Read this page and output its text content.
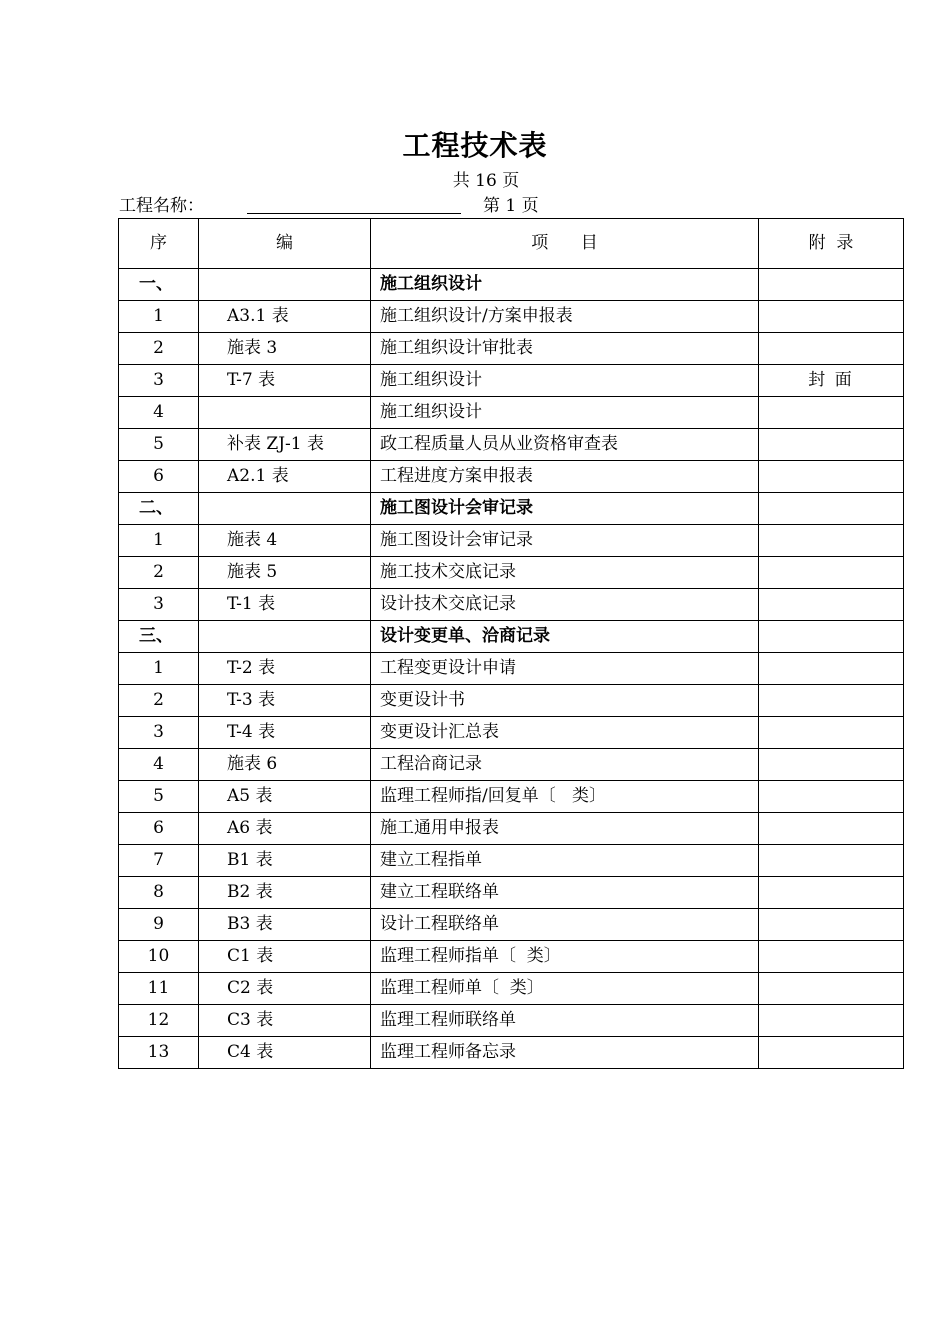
工程技术表
共 16 页
工程名称：	第 1 页
序	编	项      目	附  录
一、		施工组织设计	
1	A3.1 表	施工组织设计/方案申报表	
2	施表 3	施工组织设计审批表	
3	T-7 表	施工组织设计	封 面
4		施工组织设计	
5	补表 ZJ-1 表	政工程质量人员从业资格审查表	
6	A2.1 表	工程进度方案申报表	
二、		施工图设计会审记录	
1	施表 4	施工图设计会审记录	
2	施表 5	施工技术交底记录	
3	T-1 表	设计技术交底记录	
三、		设计变更单、洽商记录	
1	T-2 表	工程变更设计申请	
2	T-3 表	变更设计书	
3	T-4 表	变更设计汇总表	
4	施表 6	工程洽商记录	
5	A5 表	监理工程师指/回复单〔   类〕	
6	A6 表	施工通用申报表	
7	B1 表	建立工程指单	
8	B2 表	建立工程联络单	
9	B3 表	设计工程联络单	
10	C1 表	监理工程师指单〔  类〕	
11	C2 表	监理工程师单〔  类〕	
12	C3 表	监理工程师联络单	
13	C4 表	监理工程师备忘录	
